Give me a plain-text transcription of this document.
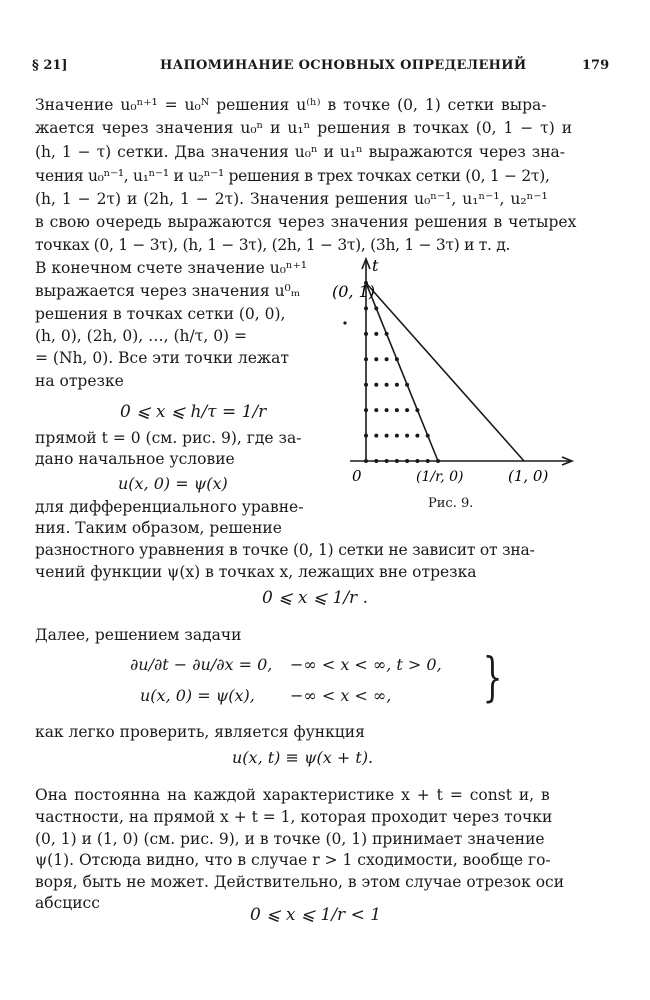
§ 21]	НАПОМИНАНИЕ ОСНОВНЫХ ОПРЕДЕЛЕНИЙ	179
Значение u₀ⁿ⁺¹ = u₀ᴺ решения u⁽ʰ⁾ в точке (0, 1) сетки выра-
жается через значения u₀ⁿ и u₁ⁿ решения в точках (0, 1 − τ) и
(h, 1 − τ) сетки. Два значения u₀ⁿ и u₁ⁿ выражаются через зна-
чения u₀ⁿ⁻¹, u₁ⁿ⁻¹ и u₂ⁿ⁻¹ решения в трех точках сетки (0, 1 − 2τ),
(h, 1 − 2τ) и (2h, 1 − 2τ). Значения решения u₀ⁿ⁻¹, u₁ⁿ⁻¹, u₂ⁿ⁻¹
в свою очередь выражаются через значения решения в четырех
точках (0, 1 − 3τ), (h, 1 − 3τ), (2h, 1 − 3τ), (3h, 1 − 3τ) и т. д.
В конечном счете значение u₀ⁿ⁺¹
выражается через значения u⁰ₘ
решения в точках сетки (0, 0),
(h, 0), (2h, 0), …, (h/τ, 0) =
= (Nh, 0). Все эти точки лежат
на отрезке
0 ⩽ x ⩽ h/τ = 1/r
прямой t = 0 (см. рис. 9), где за-
дано начальное условие
u(x, 0) = ψ(x)
для дифференциального уравне-
ния. Таким образом, решение
разностного уравнения в точке (0, 1) сетки не зависит от зна-
чений функции ψ(x) в точках x, лежащих вне отрезка
0 ⩽ x ⩽ 1/r .
Далее, решением задачи
∂u/∂t − ∂u/∂x = 0, −∞ < x < ∞, t > 0,
u(x, 0) = ψ(x), −∞ < x < ∞, }
как легко проверить, является функция
u(x, t) ≡ ψ(x + t).
Она постоянна на каждой характеристике x + t = const и, в
частности, на прямой x + t = 1, которая проходит через точки
(0, 1) и (1, 0) (см. рис. 9), и в точке (0, 1) принимает значение
ψ(1). Отсюда видно, что в случае r > 1 сходимости, вообще го-
воря, быть не может. Действительно, в этом случае отрезок оси
абсцисс
0 ⩽ x ⩽ 1/r < 1
t
(0, 1)
0	(1/r, 0)	(1, 0)
Рис. 9.
